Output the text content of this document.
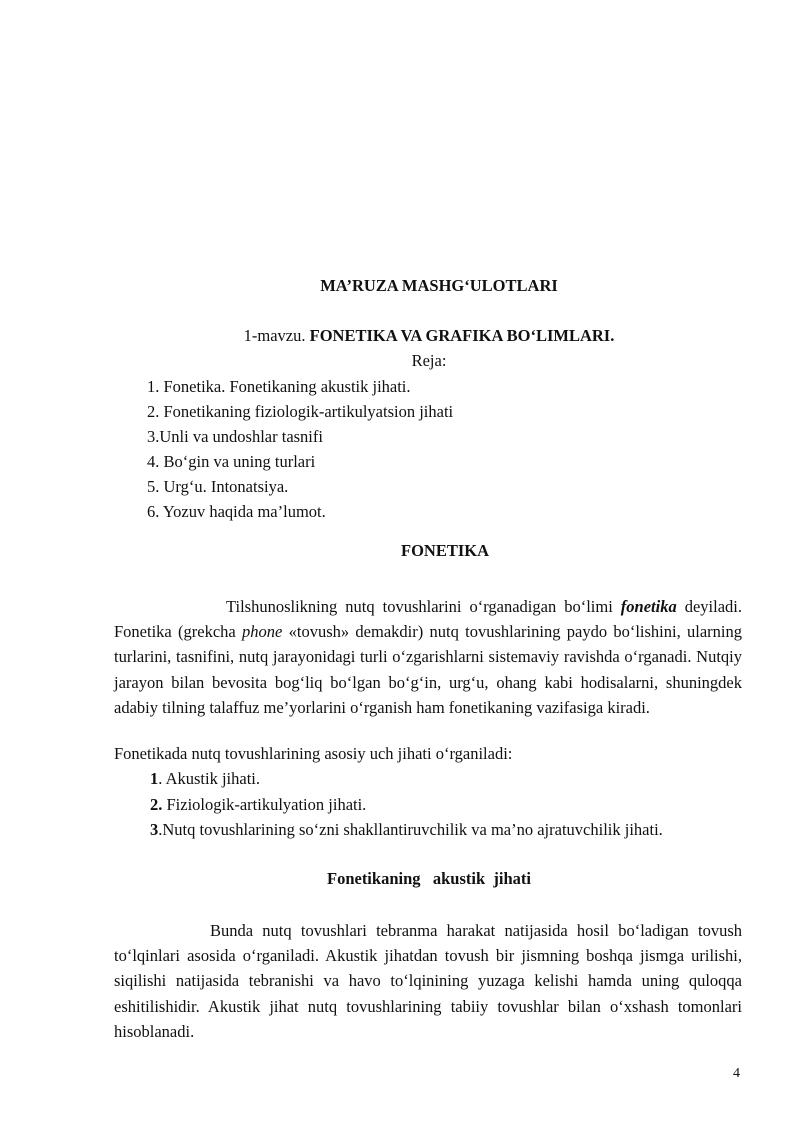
MA’RUZA MASHG‘ULOTLARI
1-mavzu. FONETIKA VA GRAFIKA BO‘LIMLARI.
Reja:
1. Fonetika. Fonetikaning akustik jihati.
2. Fonetikaning fiziologik-artikulyatsion jihati
3.Unli va undoshlar tasnifi
4. Bo‘gin va uning turlari
5. Urg‘u. Intonatsiya.
6. Yozuv haqida ma’lumot.
FONETIKA

Tilshunoslikning nutq tovushlarini o‘rganadigan bo‘limi fonetika deyiladi. Fonetika (grekcha phone «tovush» demakdir) nutq tovushlarining paydo bo‘lishini, ularning turlarini, tasnifini, nutq jarayonidagi turli o‘zgarishlarni sistemaviy ravishda o‘rganadi. Nutqiy jarayon bilan bevosita bog‘liq bo‘lgan bo‘g‘in, urg‘u, ohang kabi hodisalarni, shuningdek adabiy tilning talaffuz me’yorlarini o‘rganish ham fonetikaning vazifasiga kiradi.

Fonetikada nutq tovushlarining asosiy uch jihati o‘rganiladi:

1. Akustik jihati.
2. Fiziologik-artikulyation jihati.
3.Nutq tovushlarining so‘zni shakllantiruvchilik va ma’no ajratuvchilik jihati.
Fonetikaning   akustik  jihati

Bunda nutq tovushlari tebranma harakat natijasida hosil bo‘ladigan tovush to‘lqinlari asosida o‘rganiladi. Akustik jihatdan tovush bir jismning boshqa jismga urilishi, siqilishi natijasida tebranishi va havo to‘lqinining yuzaga kelishi hamda uning quloqqa eshitilishidir. Akustik jihat nutq tovushlarining tabiiy tovushlar bilan o‘xshash tomonlari hisoblanadi.

4
